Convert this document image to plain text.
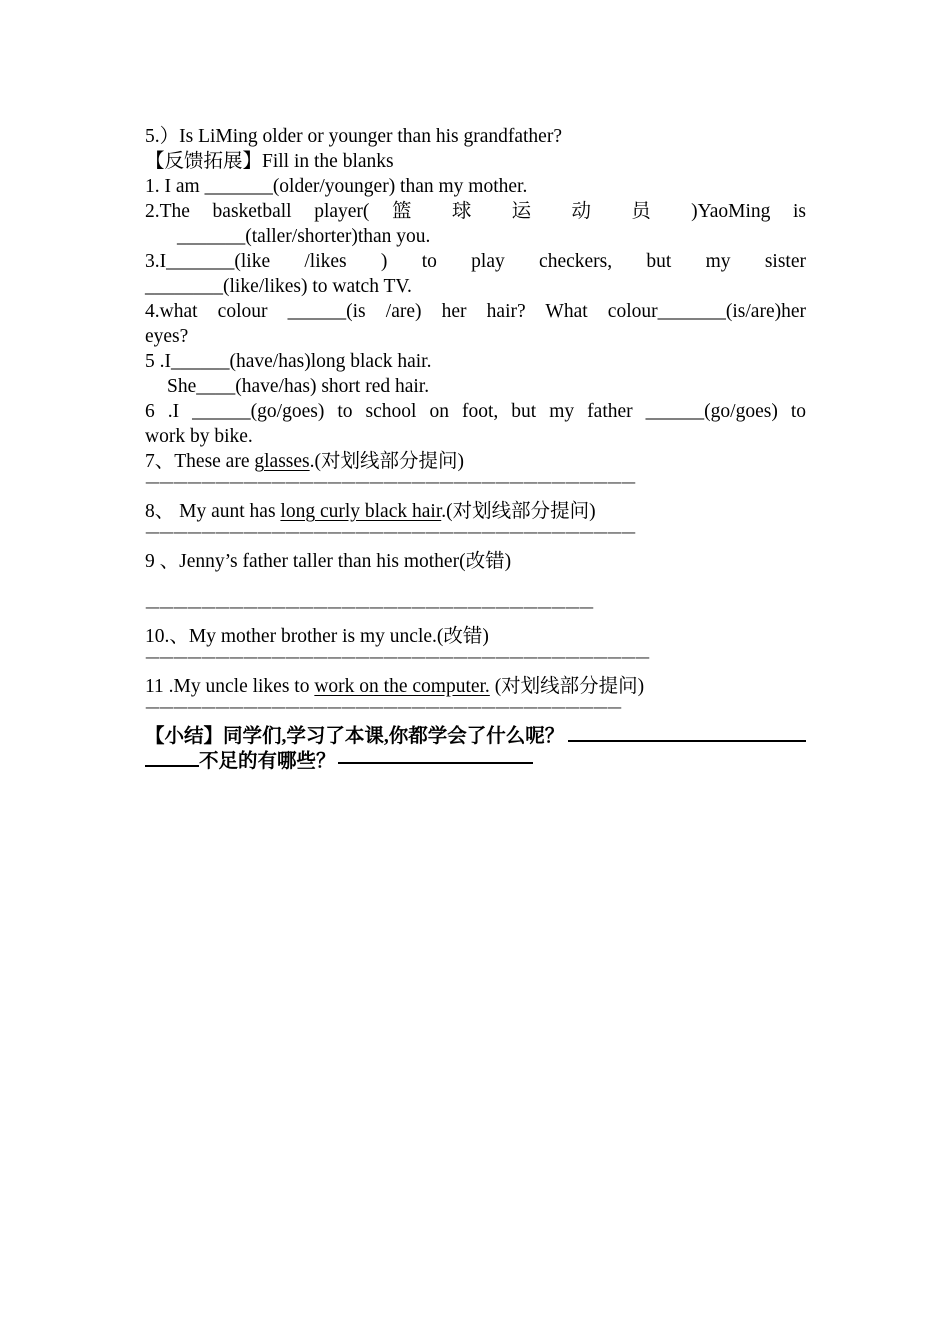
5.）Is LiMing older or younger than his grandfather?
【反馈拓展】Fill in the blanks
1. I am _______(older/younger) than my mother.
2.The basketball player( 篮 球 运 动 员 )YaoMing is
_______(taller/shorter)than you.
3.I_______(like /likes ) to play checkers, but my sister
________(like/likes) to watch TV.
4.what colour ______(is /are) her hair? What colour_______(is/are)her
eyes?
5 .I______(have/has)long black hair.
She____(have/has) short red hair.
6 .I ______(go/goes) to school on foot, but my father ______(go/goes) to
work by bike.
7、These are glasses.(对划线部分提问)
———————————————————————————————————
8、 My aunt has long curly black hair.(对划线部分提问)
———————————————————————————————————
9 、Jenny’s father taller than his mother(改错)
————————————————————————————————
10.、My mother brother is my uncle.(改错)
————————————————————————————————————
11 .My uncle likes to work on the computer. (对划线部分提问)
——————————————————————————————————
【小结】同学们,学习了本课,你都学会了什么呢？
不足的有哪些？
